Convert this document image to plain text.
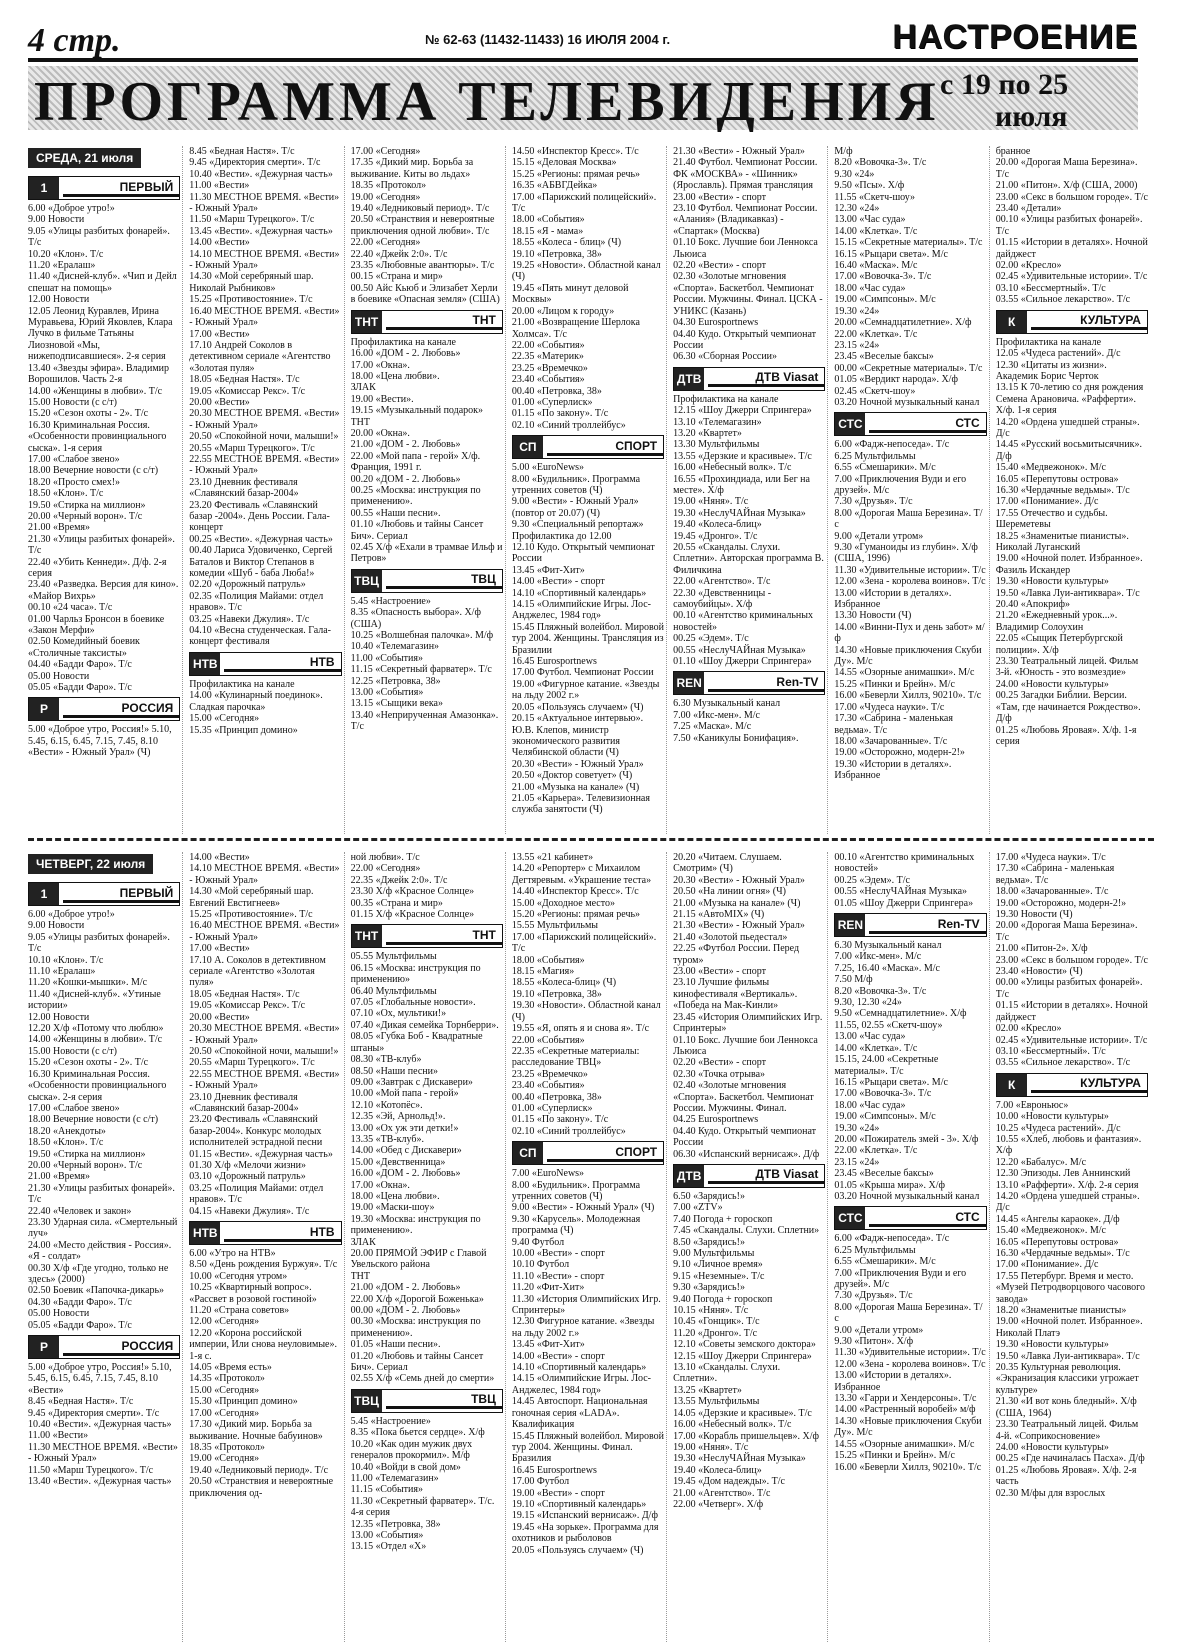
4 стр.	№ 62-63 (11432-11433) 16 ИЮЛЯ 2004 г.	НАСТРОЕНИЕ
ПРОГРАММА ТЕЛЕВИДЕНИЯ с 19 по 25
июля
СРЕДА, 21 июля
1	ПЕРВЫЙ

6.00 «Доброе утро!»

9.00 Новости

9.05 «Улицы разбитых фонарей». Т/с

10.20 «Клон». Т/с

11.20 «Ералаш»

11.40 «Дисней-клуб». «Чип и Дейл спешат на помощь»

12.00 Новости

12.05 Леонид Куравлев, Ирина Муравьева, Юрий Яковлев, Клара Лучко в фильме Татьяны Лиозновой «Мы, нижеподписавшиеся». 2-я серия

13.40 «Звезды эфира». Владимир Ворошилов. Часть 2-я

14.00 «Женщины в любви». Т/с

15.00 Новости (с с/т)

15.20 «Сезон охоты - 2». Т/с

16.30 Криминальная Россия. «Особенности провинциального сыска». 1-я серия

17.00 «Слабое звено»

18.00 Вечерние новости (с с/т)

18.20 «Просто смех!»

18.50 «Клон». Т/с

19.50 «Стирка на миллион»

20.00 «Черный ворон». Т/с

21.00 «Время»

21.30 «Улицы разбитых фонарей». Т/с

22.40 «Убить Кеннеди». Д/ф. 2-я серия

23.40 «Разведка. Версия для кино». «Майор Вихрь»

00.10 «24 часа». Т/с

01.00 Чарльз Бронсон в боевике «Закон Мерфи»

02.50 Комедийный боевик «Столичные таксисты»

04.40 «Бадди Фаро». Т/с

05.00 Новости

05.05 «Бадди Фаро». Т/с

Р	РОССИЯ

5.00 «Доброе утро, Россия!» 5.10, 5.45, 6.15, 6.45, 7.15, 7.45, 8.10 «Вести» - Южный Урал» (Ч)

8.45 «Бедная Настя». Т/с

9.45 «Директория смерти». Т/с

10.40 «Вести». «Дежурная часть»

11.00 «Вести»

11.30 МЕСТНОЕ ВРЕМЯ. «Вести» - Южный Урал»

11.50 «Марш Турецкого». Т/с

13.45 «Вести». «Дежурная часть»

14.00 «Вести»

14.10 МЕСТНОЕ ВРЕМЯ. «Вести» - Южный Урал»

14.30 «Мой серебряный шар. Николай Рыбников»

15.25 «Противостояние». Т/с

16.40 МЕСТНОЕ ВРЕМЯ. «Вести» - Южный Урал»

17.00 «Вести»

17.10 Андрей Соколов в детективном сериале «Агентство «Золотая пуля»

18.05 «Бедная Настя». Т/с

19.05 «Комиссар Рекс». Т/с

20.00 «Вести»

20.30 МЕСТНОЕ ВРЕМЯ. «Вести» - Южный Урал»

20.50 «Спокойной ночи, малыши!»

20.55 «Марш Турецкого». Т/с

22.55 МЕСТНОЕ ВРЕМЯ. «Вести» - Южный Урал»

23.10 Дневник фестиваля «Славянский базар-2004»

23.20 Фестиваль «Славянский базар -2004». День России. Гала-концерт

00.25 «Вести». «Дежурная часть»

00.40 Лариса Удовиченко, Сергей Баталов и Виктор Степанов в комедии «Шуб - баба Люба!»

02.20 «Дорожный патруль»

02.35 «Полиция Майами: отдел нравов». Т/с

03.25 «Навеки Джулия». Т/с

04.10 «Весна студенческая. Гала-концерт фестиваля

НТВ	НТВ

Профилактика на канале

14.00 «Кулинарный поединок». Сладкая парочка»

15.00 «Сегодня»

15.35 «Принцип домино»

17.00 «Сегодня»

17.35 «Дикий мир. Борьба за выживание. Киты во льдах»

18.35 «Протокол»

19.00 «Сегодня»

19.40 «Ледниковый период». Т/с

20.50 «Странствия и невероятные приключения одной любви». Т/с

22.00 «Сегодня»

22.40 «Джейк 2:0». Т/с

23.35 «Любовные авантюры». Т/с

00.15 «Страна и мир»

00.50 Айс Кьюб и Элизабет Херли в боевике «Опасная земля» (США)

ТНТ	ТНТ

Профилактика на канале

16.00 «ДОМ - 2. Любовь»

17.00 «Окна».

18.00 «Цена любви».

ЗЛАК

19.00 «Вести».

19.15 «Музыкальный подарок»

ТНТ

20.00 «Окна».

21.00 «ДОМ - 2. Любовь»

22.00 «Мой папа - герой» Х/ф. Франция, 1991 г.

00.20 «ДОМ - 2. Любовь»

00.25 «Москва: инструкция по применению».

00.55 «Наши песни».

01.10 «Любовь и тайны Сансет Бич». Сериал

02.45 Х/ф «Ехали в трамвае Ильф и Петров»

ТВЦ	ТВЦ

5.45 «Настроение»

8.35 «Опасность выбора». Х/ф (США)

10.25 «Волшебная палочка». М/ф

10.40 «Телемагазин»

11.00 «События»

11.15 «Секретный фарватер». Т/с

12.25 «Петровка, 38»

13.00 «События»

13.15 «Сыщики века»

13.40 «Неприрученная Амазонка». Т/с

14.50 «Инспектор Кресс». Т/с

15.15 «Деловая Москва»

15.25 «Регионы: прямая речь»

16.35 «АБВГДейка»

17.00 «Парижский полицейский». Т/с

18.00 «События»

18.15 «Я - мама»

18.55 «Колеса - блиц» (Ч)

19.10 «Петровка, 38»

19.25 «Новости». Областной канал (Ч)

19.45 «Пять минут деловой Москвы»

20.00 «Лицом к городу»

21.00 «Возвращение Шерлока Холмса». Т/с

22.00 «События»

22.35 «Материк»

23.25 «Времечко»

23.40 «События»

00.40 «Петровка, 38»

01.00 «Суперлиск»

01.15 «По закону». Т/с

02.10 «Синий троллейбус»

СП	СПОРТ

5.00 «EuroNews»

8.00 «Будильник». Программа утренних советов (Ч)

9.00 «Вести» - Южный Урал» (повтор от 20.07) (Ч)

9.30 «Специальный репортаж» Профилактика до 12.00

12.10 Кудо. Открытый чемпионат России

13.45 «Фит-Хит»

14.00 «Вести» - спорт

14.10 «Спортивный календарь»

14.15 «Олимпийские Игры. Лос-Анджелес, 1984 год»

15.45 Пляжный волейбол. Мировой тур 2004. Женщины. Трансляция из Бразилии

16.45 Eurosportnews

17.00 Футбол. Чемпионат России

19.00 «Фигурное катание. «Звезды на льду 2002 г.»

20.05 «Пользуясь случаем» (Ч)

20.15 «Актуальное интервью». Ю.В. Клепов, министр экономического развития Челябинской области (Ч)

20.30 «Вести» - Южный Урал»

20.50 «Доктор советует» (Ч)

21.00 «Музыка на канале» (Ч)

21.05 «Карьера». Телевизионная служба занятости (Ч)

21.30 «Вести» - Южный Урал»

21.40 Футбол. Чемпионат России. ФК «МОСКВА» - «Шинник» (Ярославль). Прямая трансляция

23.00 «Вести» - спорт

23.10 Футбол. Чемпионат России. «Алания» (Владикавказ) - «Спартак» (Москва)

01.10 Бокс. Лучшие бои Леннокса Льюиса

02.20 «Вести» - спорт

02.30 «Золотые мгновения «Спорта». Баскетбол. Чемпионат России. Мужчины. Финал. ЦСКА - УНИКС (Казань)

04.30 Eurosportnews

04.40 Кудо. Открытый чемпионат России

06.30 «Сборная России»

ДТВ	ДТВ Viasat

Профилактика на канале

12.15 «Шоу Джерри Спрингера»

13.10 «Телемагазин»

13.20 «Квартет»

13.30 Мультфильмы

13.55 «Дерзкие и красивые». Т/с

16.00 «Небесный волк». Т/с

16.55 «Прохиндиада, или Бег на месте». Х/ф

19.00 «Няня». Т/с

19.30 «НеслуЧАЙная Музыка»

19.40 «Колеса-блиц»

19.45 «Дронго». Т/с

20.55 «Скандалы. Слухи. Сплетни». Авторская программа В. Филичкина

22.00 «Агентство». Т/с

22.30 «Девственницы - самоубийцы». Х/ф

00.10 «Агентство криминальных новостей»

00.25 «Эдем». Т/с

00.55 «НеслуЧАЙная Музыка»

01.10 «Шоу Джерри Спрингера»

REN	Ren-TV

6.30 Музыкальный канал

7.00 «Икс-мен». М/с

7.25 «Маска». М/с

7.50 «Каникулы Бонифация».

М/ф

8.20 «Вовочка-3». Т/с

9.30 «24»

9.50 «Псы». Х/ф

11.55 «Скетч-шоу»

12.30 «24»

13.00 «Час суда»

14.00 «Клетка». Т/с

15.15 «Секретные материалы». Т/с

16.15 «Рыцари света». М/с

16.40 «Маска». М/с

17.00 «Вовочка-3». Т/с

18.00 «Час суда»

19.00 «Симпсоны». М/с

19.30 «24»

20.00 «Семнадцатилетние». Х/ф

22.00 «Клетка». Т/с

23.15 «24»

23.45 «Веселые баксы»

00.00 «Секретные материалы». Т/с

01.05 «Вердикт народа». Х/ф

02.45 «Скетч-шоу»

03.20 Ночной музыкальный канал

СТС	СТС

6.00 «Фадж-непоседа». Т/с

6.25 Мультфильмы

6.55 «Смешарики». М/с

7.00 «Приключения Вуди и его друзей». М/с

7.30 «Друзья». Т/с

8.00 «Дорогая Маша Березина». Т/с

9.00 «Детали утром»

9.30 «Гуманоиды из глубин». Х/ф (США, 1996)

11.30 «Удивительные истории». Т/с

12.00 «Зена - королева воинов». Т/с

13.00 «Истории в деталях». Избранное

13.30 Новости (Ч)

14.00 «Винни-Пух и день забот» м/ф

14.30 «Новые приключения Скуби Ду». М/с

14.55 «Озорные анимашки». М/с

15.25 «Пинки и Брейн». М/с

16.00 «Беверли Хиллз, 90210». Т/с

17.00 «Чудеса науки». Т/с

17.30 «Сабрина - маленькая ведьма». Т/с

18.00 «Зачарованные». Т/с

19.00 «Осторожно, модерн-2!»

19.30 «Истории в деталях». Избранное

браннoe

20.00 «Дорогая Маша Березина». Т/с

21.00 «Питон». Х/ф (США, 2000)

23.00 «Секс в большом городе». Т/с

23.40 «Детали»

00.10 «Улицы разбитых фонарей». Т/с

01.15 «Истории в деталях». Ночной дайджест

02.00 «Кресло»

02.45 «Удивительные истории». Т/с

03.10 «Бессмертный». Т/с

03.55 «Сильное лекарство». Т/с

К	КУЛЬТУРА

Профилактика на канале

12.05 «Чудеса растений». Д/с

12.30 «Цитаты из жизни». Академик Борис Черток

13.15 К 70-летию со дня рождения Семена Арановича. «Рафферти». Х/ф. 1-я серия

14.20 «Ордена ушедшей страны». Д/с

14.45 «Русский восьмитысячник». Д/ф

15.40 «Медвежонок». М/с

16.05 «Перепутовы острова»

16.30 «Чердачные ведьмы». Т/с

17.00 «Понимание». Д/с

17.55 Отечество и судьбы. Шереметевы

18.25 «Знаменитые пианисты». Николай Луганский

19.00 «Ночной полет. Избранное». Фазиль Искандер

19.30 «Новости культуры»

19.50 «Лавка Луи-антиквара». Т/с

20.40 «Апокриф»

21.20 «Ежедневный урок...». Владимир Солоухин

22.05 «Сыщик Петербургской полиции». Х/ф

23.30 Театральный лицей. Фильм 3-й. «Юность - это возмездие»

24.00 «Новости культуры»

00.25 Загадки Библии. Версии. «Там, где начинается Рождество». Д/ф

01.25 «Любовь Яровая». Х/ф. 1-я серия

ЧЕТВЕРГ, 22 июля
1	ПЕРВЫЙ

6.00 «Доброе утро!»

9.00 Новости

9.05 «Улицы разбитых фонарей». Т/с

10.10 «Клон». Т/с

11.10 «Ералаш»

11.20 «Кошки-мышки». М/с

11.40 «Дисней-клуб». «Утиные истории»

12.00 Новости

12.20 Х/ф «Потому что люблю»

14.00 «Женщины в любви». Т/с

15.00 Новости (с с/т)

15.20 «Сезон охоты - 2». Т/с

16.30 Криминальная Россия. «Особенности провинциального сыска». 2-я серия

17.00 «Слабое звено»

18.00 Вечерние новости (с с/т)

18.20 «Анекдоты»

18.50 «Клон». Т/с

19.50 «Стирка на миллион»

20.00 «Черный ворон». Т/с

21.00 «Время»

21.30 «Улицы разбитых фонарей». Т/с

22.40 «Человек и закон»

23.30 Ударная сила. «Смертельный луч»

24.00 «Место действия - Россия». «Я - солдат»

00.30 Х/ф «Где угодно, только не здесь» (2000)

02.50 Боевик «Папочка-дикарь»

04.30 «Бадди Фаро». Т/с

05.00 Новости

05.05 «Бадди Фаро». Т/с

Р	РОССИЯ

5.00 «Доброе утро, Россия!» 5.10, 5.45, 6.15, 6.45, 7.15, 7.45, 8.10 «Вести»

8.45 «Бедная Настя». Т/с

9.45 «Директория смерти». Т/с

10.40 «Вести». «Дежурная часть»

11.00 «Вести»

11.30 МЕСТНОЕ ВРЕМЯ. «Вести» - Южный Урал»

11.50 «Марш Турецкого». Т/с

13.40 «Вести». «Дежурная часть»

14.00 «Вести»

14.10 МЕСТНОЕ ВРЕМЯ. «Вести» - Южный Урал»

14.30 «Мой серебряный шар. Евгений Евстигнеев»

15.25 «Противостояние». Т/с

16.40 МЕСТНОЕ ВРЕМЯ. «Вести» - Южный Урал»

17.00 «Вести»

17.10 А. Соколов в детективном сериале «Агентство «Золотая пуля»

18.05 «Бедная Настя». Т/с

19.05 «Комиссар Рекс». Т/с

20.00 «Вести»

20.30 МЕСТНОЕ ВРЕМЯ. «Вести» - Южный Урал»

20.50 «Спокойной ночи, малыши!»

20.55 «Марш Турецкого». Т/с

22.55 МЕСТНОЕ ВРЕМЯ. «Вести» - Южный Урал»

23.10 Дневник фестиваля «Славянский базар-2004»

23.20 Фестиваль «Славянский базар-2004». Конкурс молодых исполнителей эстрадной песни

01.15 «Вести». «Дежурная часть»

01.30 Х/ф «Мелочи жизни»

03.10 «Дорожный патруль»

03.25 «Полиция Майами: отдел нравов». Т/с

04.15 «Навеки Джулия». Т/с

НТВ	НТВ

6.00 «Утро на НТВ»

8.50 «День рождения Буржуя». Т/с

10.00 «Сегодня утром»

10.25 «Квартирный вопрос». «Рассвет в розовой гостиной»

11.20 «Страна советов»

12.00 «Сегодня»

12.20 «Корона российской империи, Или снова неуловимые». 1-я с.

14.05 «Время есть»

14.35 «Протокол»

15.00 «Сегодня»

15.30 «Принцип домино»

17.00 «Сегодня»

17.30 «Дикий мир. Борьба за выживание. Ночные бабуинов»

18.35 «Протокол»

19.00 «Сегодня»

19.40 «Ледниковый период». Т/с

20.50 «Странствия и невероятные приключения од-

ной любви». Т/с

22.00 «Сегодня»

22.35 «Джейк 2:0». Т/с

23.30 Х/ф «Красное Солнце»

00.35 «Страна и мир»

01.15 Х/ф «Красное Солнце»

ТНТ	ТНТ

05.55 Мультфильмы

06.15 «Москва: инструкция по применению»

06.40 Мультфильмы

07.05 «Глобальные новости».

07.10 «Ох, мультики!»

07.40 «Дикая семейка Торнберри».

08.05 «Губка Боб - Квадратные штаны»

08.30 «ТВ-клуб»

08.50 «Наши песни»

09.00 «Завтрак с Дискавери»

10.00 «Мой папа - герой»

12.10 «Котопёс».

12.35 «Эй, Арнольд!».

13.00 «Ох уж эти детки!»

13.35 «ТВ-клуб».

14.00 «Обед с Дискавери»

15.00 «Девственница»

16.00 «ДОМ - 2. Любовь»

17.00 «Окна».

18.00 «Цена любви».

19.00 «Маски-шоу»

19.30 «Москва: инструкция по применению».

ЗЛАК

20.00 ПРЯМОЙ ЭФИР с Главой Увельского района

ТНТ

21.00 «ДОМ - 2. Любовь»

22.00 Х/ф «Дорогой Боженька»

00.00 «ДОМ - 2. Любовь»

00.30 «Москва: инструкция по применению».

01.05 «Наши песни».

01.20 «Любовь и тайны Сансет Бич». Сериал

02.55 Х/ф «Семь дней до смерти»

ТВЦ	ТВЦ

5.45 «Настроение»

8.35 «Пока бьется сердце». Х/ф

10.20 «Как один мужик двух генералов прокормил». М/ф

10.40 «Войди в свой дом»

11.00 «Телемагазин»

11.15 «События»

11.30 «Секретный фарватер». Т/с. 4-я серия

12.35 «Петровка, 38»

13.00 «События»

13.15 «Отдел «Х»

13.55 «21 кабинет»

14.20 «Репортер» с Михаилом Дегтяревым. «Украшение теста»

14.40 «Инспектор Кресс». Т/с

15.00 «Доходное место»

15.20 «Регионы: прямая речь»

15.55 Мультфильмы

17.00 «Парижский полицейский». Т/с

18.00 «События»

18.15 «Магия»

18.55 «Колеса-блиц» (Ч)

19.10 «Петровка, 38»

19.30 «Новости». Областной канал (Ч)

19.55 «Я, опять я и снова я». Т/с

22.00 «События»

22.35 «Секретные материалы: расследование ТВЦ»

23.25 «Времечко»

23.40 «События»

00.40 «Петровка, 38»

01.00 «Суперлиск»

01.15 «По закону». Т/с

02.10 «Синий троллейбус»

СП	СПОРТ

7.00 «EuroNews»

8.00 «Будильник». Программа утренних советов (Ч)

9.00 «Вести» - Южный Урал» (Ч)

9.30 «Карусель». Молодежная программа (Ч)

9.40 Футбол

10.00 «Вести» - спорт

10.10 Футбол

11.10 «Вести» - спорт

11.20 «Фит-Хит»

11.30 «История Олимпийских Игр. Спринтеры»

12.30 Фигурное катание. «Звезды на льду 2002 г.»

13.45 «Фит-Хит»

14.00 «Вести» - спорт

14.10 «Спортивный календарь»

14.15 «Олимпийские Игры. Лос-Анджелес, 1984 год»

14.45 Автоспорт. Национальная гоночная серия «LADA». Квалификация

15.45 Пляжный волейбол. Мировой тур 2004. Женщины. Финал. Бразилия

16.45 Eurosportnews

17.00 Футбол

19.00 «Вести» - спорт

19.10 «Спортивный календарь»

19.15 «Испанский вернисаж». Д/ф

19.45 «На зорьке». Программа для охотников и рыболовов

20.05 «Пользуясь случаем» (Ч)

20.20 «Читаем. Слушаем. Смотрим» (Ч)

20.30 «Вести» - Южный Урал»

20.50 «На линии огня» (Ч)

21.00 «Музыка на канале» (Ч)

21.15 «АвтоMIX» (Ч)

21.30 «Вести» - Южный Урал»

21.40 «Золотой пьедестал»

22.25 «Футбол России. Перед туром»

23.00 «Вести» - спорт

23.10 Лучшие фильмы кинофестиваля «Вертикаль». «Победа на Мак-Кинли»

23.45 «История Олимпийских Игр. Спринтеры»

01.10 Бокс. Лучшие бои Леннокса Льюиса

02.20 «Вести» - спорт

02.30 «Точка отрыва»

02.40 «Золотые мгновения «Спорта». Баскетбол. Чемпионат России. Мужчины. Финал.

04.25 Eurosportnews

04.40 Кудо. Открытый чемпионат России

06.30 «Испанский вернисаж». Д/ф

ДТВ	ДТВ Viasat

6.50 «Зарядись!»

7.00 «ZTV»

7.40 Погода + гороскоп

7.45 «Скандалы. Слухи. Сплетни»

8.50 «Зарядись!»

9.00 Мультфильмы

9.10 «Личное время»

9.15 «Неземные». Т/с

9.30 «Зарядись!»

9.40 Погода + гороскоп

10.15 «Няня». Т/с

10.45 «Гонщик». Т/с

11.20 «Дронго». Т/с

12.10 «Советы земского доктора»

12.15 «Шоу Джерри Спрингера»

13.10 «Скандалы. Слухи. Сплетни».

13.25 «Квартет»

13.55 Мультфильмы

14.05 «Дерзкие и красивые». Т/с

16.00 «Небесный волк». Т/с

17.00 «Корабль пришельцев». Х/ф

19.00 «Няня». Т/с

19.30 «НеслуЧАЙная Музыка»

19.40 «Колеса-блиц»

19.45 «Дом надежды». Т/с

21.00 «Агентство». Т/с

22.00 «Четверг». Х/ф

00.10 «Агентство криминальных новостей»

00.25 «Эдем». Т/с

00.55 «НеслуЧАЙная Музыка»

01.05 «Шоу Джерри Спрингера»

REN	Ren-TV

6.30 Музыкальный канал

7.00 «Икс-мен». М/с

7.25, 16.40 «Маска». М/с

7.50 М/ф

8.20 «Вовочка-3». Т/с

9.30, 12.30 «24»

9.50 «Семнадцатилетние». Х/ф

11.55, 02.55 «Скетч-шоу»

13.00 «Час суда»

14.00 «Клетка». Т/с

15.15, 24.00 «Секретные материалы». Т/с

16.15 «Рыцари света». М/с

17.00 «Вовочка-3». Т/с

18.00 «Час суда»

19.00 «Симпсоны». М/с

19.30 «24»

20.00 «Пожиратель змей - 3». Х/ф

22.00 «Клетка». Т/с

23.15 «24»

23.45 «Веселые баксы»

01.05 «Крыша мира». Х/ф

03.20 Ночной музыкальный канал

СТС	СТС

6.00 «Фадж-непоседа». Т/с

6.25 Мультфильмы

6.55 «Смешарики». М/с

7.00 «Приключения Вуди и его друзей». М/с

7.30 «Друзья». Т/с

8.00 «Дорогая Маша Березина». Т/с

9.00 «Детали утром»

9.30 «Питон». Х/ф

11.30 «Удивительные истории». Т/с

12.00 «Зена - королева воинов». Т/с

13.00 «Истории в деталях». Избранное

13.30 «Гарри и Хендерсоны». Т/с

14.00 «Растренный воробей» м/ф

14.30 «Новые приключения Скуби Ду». М/с

14.55 «Озорные анимашки». М/с

15.25 «Пинки и Брейн». М/с

16.00 «Беверли Хиллз, 90210». Т/с

17.00 «Чудеса науки». Т/с

17.30 «Сабрина - маленькая ведьма». Т/с

18.00 «Зачарованные». Т/с

19.00 «Осторожно, модерн-2!»

19.30 Новости (Ч)

20.00 «Дорогая Маша Березина». Т/с

21.00 «Питон-2». Х/ф

23.00 «Секс в большом городе». Т/с

23.40 «Новости» (Ч)

00.00 «Улицы разбитых фонарей». Т/с

01.15 «Истории в деталях». Ночной дайджест

02.00 «Кресло»

02.45 «Удивительные истории». Т/с

03.10 «Бессмертный». Т/с

03.55 «Сильное лекарство». Т/с

К	КУЛЬТУРА

7.00 «Евроньюс»

10.00 «Новости культуры»

10.25 «Чудеса растений». Д/с

10.55 «Хлеб, любовь и фантазия». Х/ф

12.20 «Бабалус». М/с

12.30 Эпизоды. Лев Аннинский

13.10 «Рафферти». Х/ф. 2-я серия

14.20 «Ордена ушедшей страны». Д/с

14.45 «Ангелы караоке». Д/ф

15.40 «Медвежонок». М/с

16.05 «Перепутовы острова»

16.30 «Чердачные ведьмы». Т/с

17.00 «Понимание». Д/с

17.55 Петербург. Время и место. «Музей Петродворцового часового завода»

18.20 «Знаменитые пианисты»

19.00 «Ночной полет. Избранное». Николай Платэ

19.30 «Новости культуры»

19.50 «Лавка Луи-антиквара». Т/с

20.35 Культурная революция. «Экранизация классики угрожает культуре»

21.30 «И вот конь бледный». Х/ф (США, 1964)

23.30 Театральный лицей. Фильм 4-й. «Соприкосновение»

24.00 «Новости культуры»

00.25 «Где начиналась Пасха». Д/ф

01.25 «Любовь Яровая». Х/ф. 2-я часть

02.30 М/фы для взрослых
